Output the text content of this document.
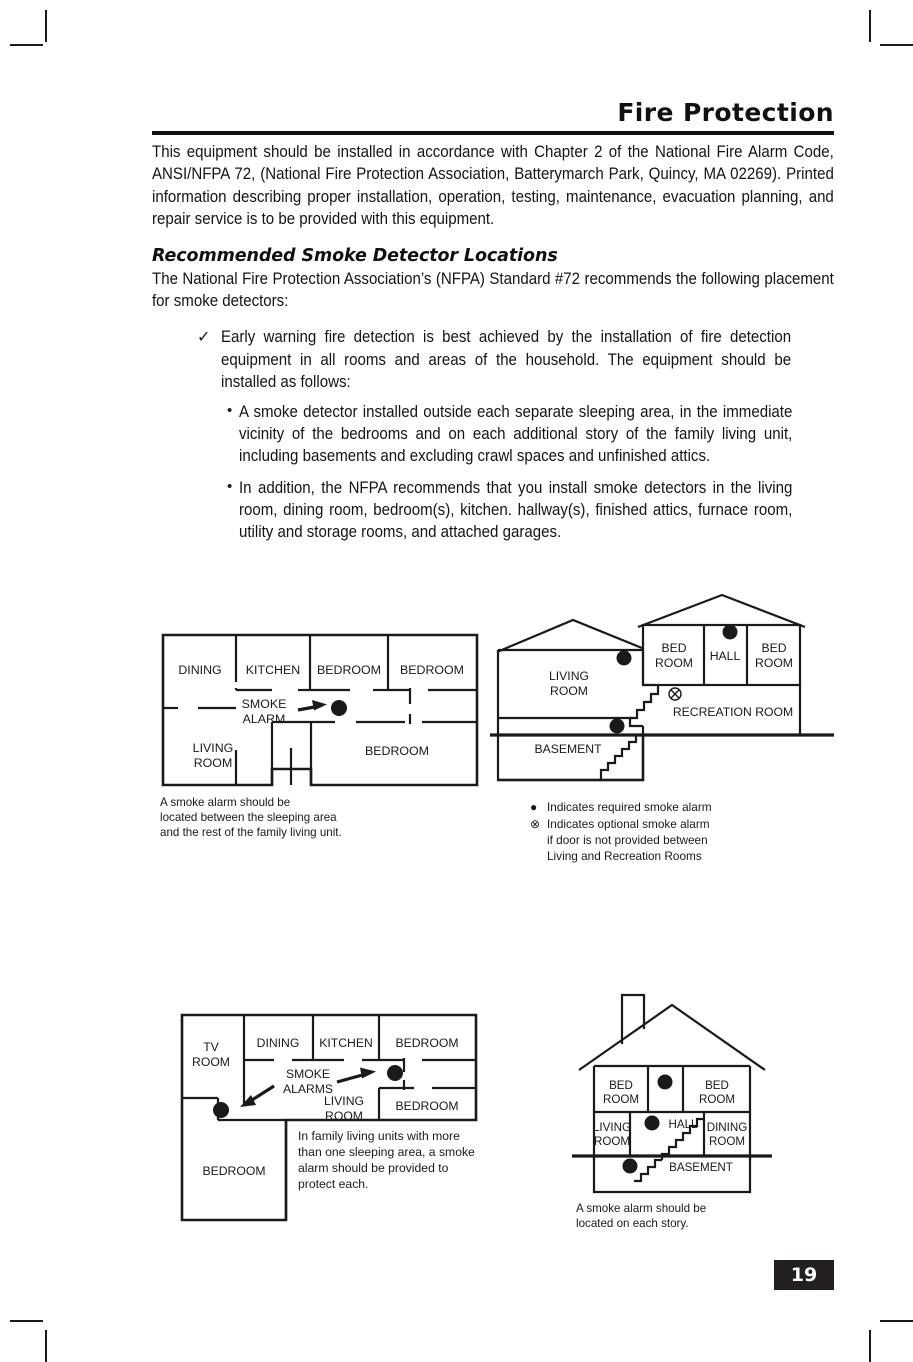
Fire Protection
This equipment should be installed in accordance with Chapter 2 of the National Fire Alarm Code, ANSI/NFPA 72, (National Fire Protection Association, Batterymarch Park, Quincy, MA 02269). Printed information describing proper installation, operation, testing, maintenance, evacuation planning, and repair service is to be provided with this equipment.
Recommended Smoke Detector Locations
The National Fire Protection Association’s (NFPA) Standard #72 recommends the following placement for smoke detectors:
✓ Early warning fire detection is best achieved by the installation of fire detection equipment in all rooms and areas of the household. The equipment should be installed as follows:
• A smoke detector installed outside each separate sleeping area, in the immediate vicinity of the bedrooms and on each additional story of the family living unit, including basements and excluding crawl spaces and unfinished attics.
• In addition, the NFPA recommends that you install smoke detectors in the living room, dining room, bedroom(s), kitchen. hallway(s), finished attics, furnace room, utility and storage rooms, and attached garages.
DINING KITCHEN BEDROOM BEDROOM
LIVING
ROOM
BEDROOM
SMOKE
ALARM
A smoke alarm should be
located between the sleeping area
and the rest of the family living unit.
LIVING
ROOM
BASEMENT
BED
ROOM HALL
BED
ROOM
RECREATION ROOM
● Indicates required smoke alarm
⊗ Indicates optional smoke alarm
if door is not provided between
Living and Recreation Rooms
TV
ROOM
DINING KITCHEN BEDROOM
LIVING
ROOM
BEDROOM
BEDROOM
SMOKE
ALARMS
In family living units with more
than one sleeping area, a smoke
alarm should be provided to
protect each.
BED
ROOM
BED
ROOM
LIVING
ROOM
HALL DINING
ROOM
BASEMENT
A smoke alarm should be
located on each story.
19
